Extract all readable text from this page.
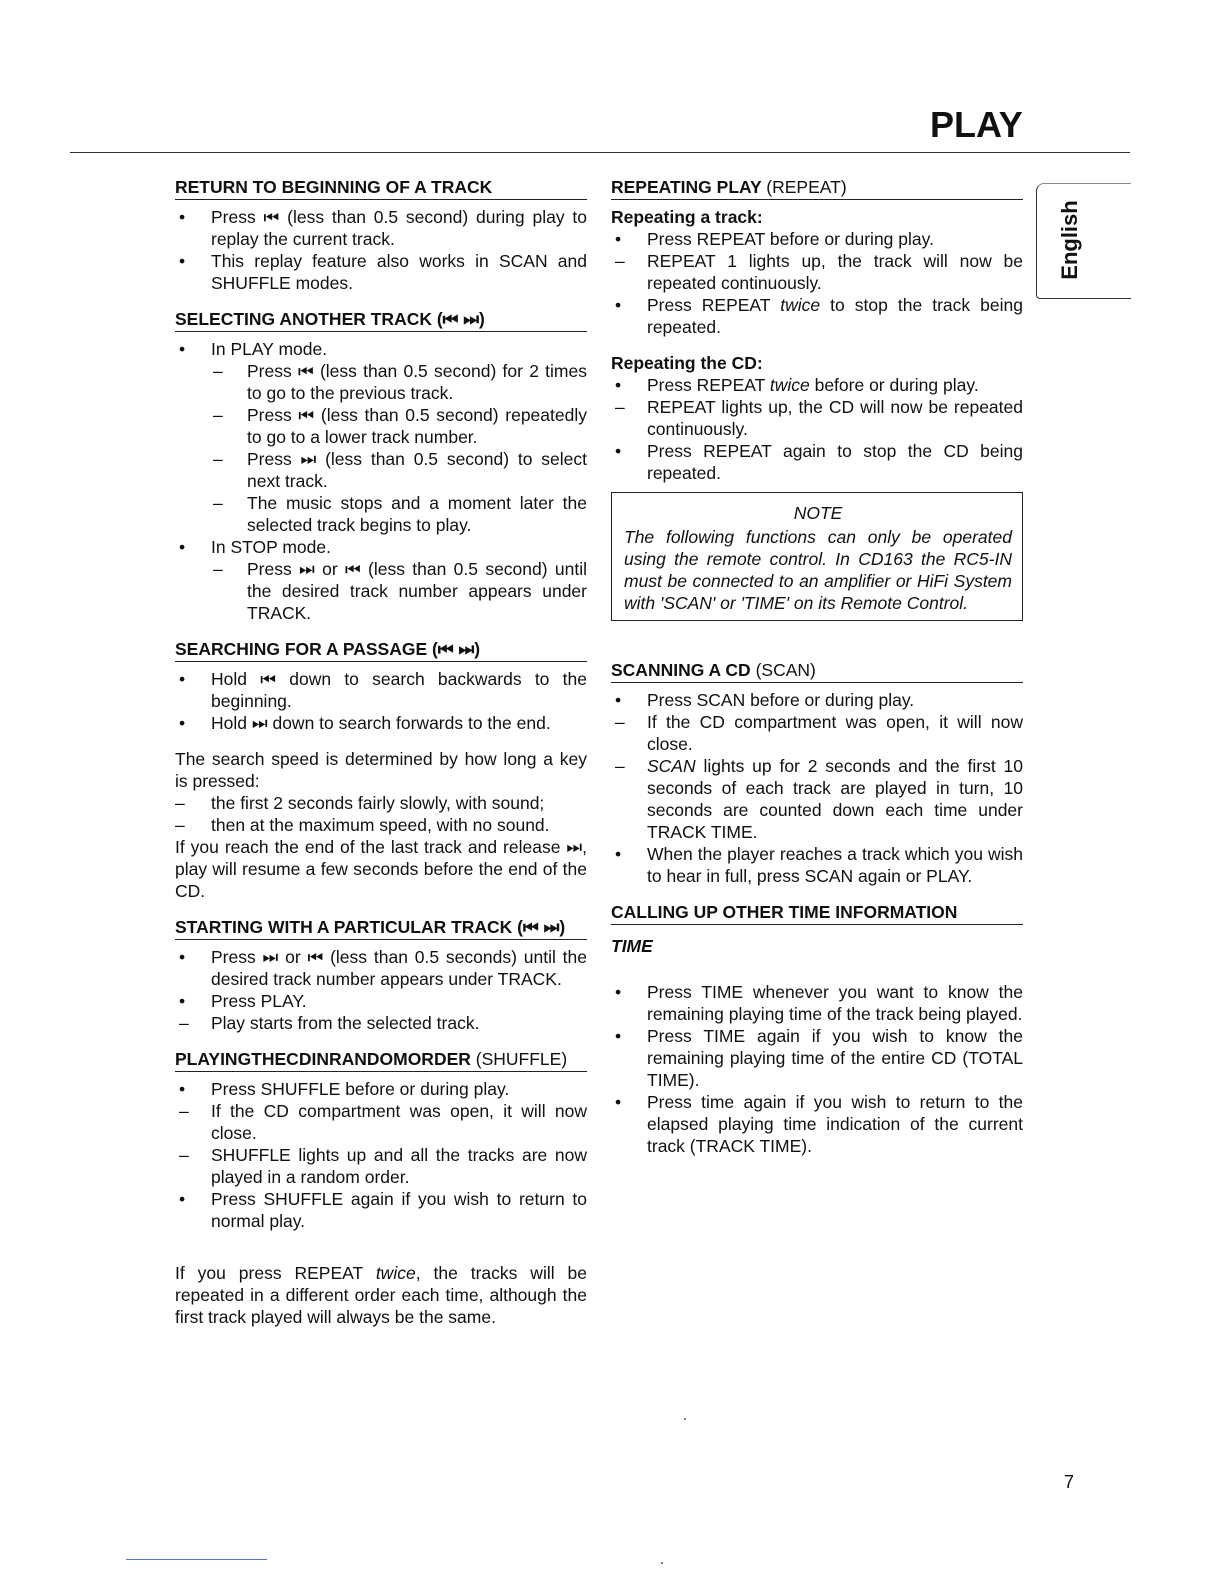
PLAY
English
RETURN TO BEGINNING OF A TRACK
• Press ⏮ (less than 0.5 second) during play to replay the current track.
• This replay feature also works in SCAN and SHUFFLE modes.
SELECTING ANOTHER TRACK (⏮ ⏭)
• In PLAY mode.
– Press ⏮ (less than 0.5 second) for 2 times to go to the previous track.
– Press ⏮ (less than 0.5 second) repeatedly to go to a lower track number.
– Press ⏭ (less than 0.5 second) to select next track.
– The music stops and a moment later the selected track begins to play.
• In STOP mode.
– Press ⏭ or ⏮ (less than 0.5 second) until the desired track number appears under TRACK.
SEARCHING FOR A PASSAGE (⏮ ⏭)
• Hold ⏮ down to search backwards to the beginning.
• Hold ⏭ down to search forwards to the end.
The search speed is determined by how long a key is pressed:
– the first 2 seconds fairly slowly, with sound;
– then at the maximum speed, with no sound.
If you reach the end of the last track and release ⏭, play will resume a few seconds before the end of the CD.
STARTING WITH A PARTICULAR TRACK (⏮ ⏭)
• Press ⏭ or ⏮ (less than 0.5 seconds) until the desired track number appears under TRACK.
• Press PLAY.
– Play starts from the selected track.
PLAYINGTHECDINRANDOMORDER (SHUFFLE)
• Press SHUFFLE before or during play.
– If the CD compartment was open, it will now close.
– SHUFFLE lights up and all the tracks are now played in a random order.
• Press SHUFFLE again if you wish to return to normal play.
If you press REPEAT twice, the tracks will be repeated in a different order each time, although the first track played will always be the same.
REPEATING PLAY (REPEAT)
Repeating a track:
• Press REPEAT before or during play.
– REPEAT 1 lights up, the track will now be repeated continuously.
• Press REPEAT twice to stop the track being repeated.
Repeating the CD:
• Press REPEAT twice before or during play.
– REPEAT lights up, the CD will now be repeated continuously.
• Press REPEAT again to stop the CD being repeated.
NOTE
The following functions can only be operated using the remote control. In CD163 the RC5-IN must be connected to an amplifier or HiFi System with 'SCAN' or 'TIME' on its Remote Control.
SCANNING A CD (SCAN)
• Press SCAN before or during play.
– If the CD compartment was open, it will now close.
– SCAN lights up for 2 seconds and the first 10 seconds of each track are played in turn, 10 seconds are counted down each time under TRACK TIME.
• When the player reaches a track which you wish to hear in full, press SCAN again or PLAY.
CALLING UP OTHER TIME INFORMATION
TIME
• Press TIME whenever you want to know the remaining playing time of the track being played.
• Press TIME again if you wish to know the remaining playing time of the entire CD (TOTAL TIME).
• Press time again if you wish to return to the elapsed playing time indication of the current track (TRACK TIME).
7
